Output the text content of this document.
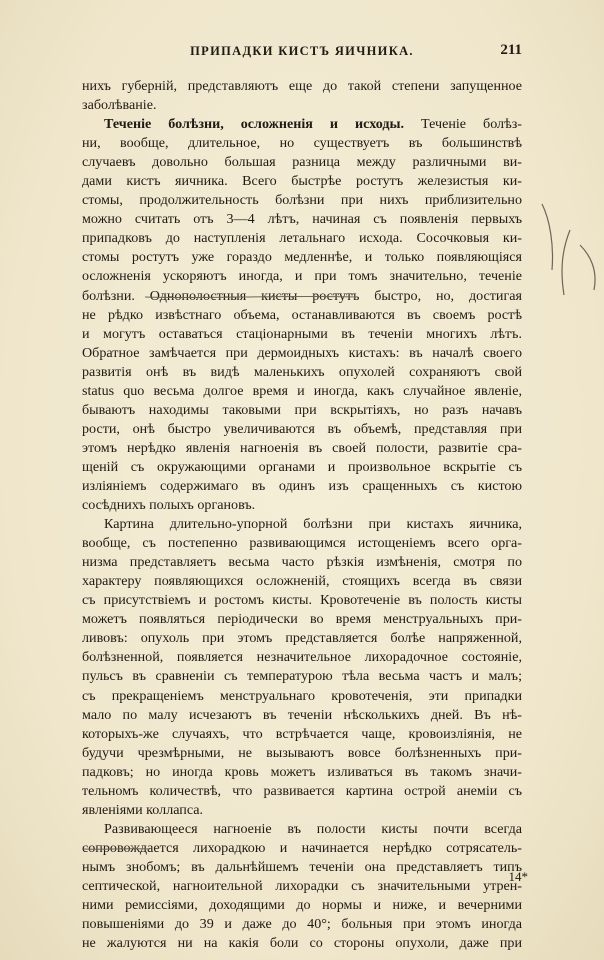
ПРИПАДКИ КИСТЪ ЯИЧНИКА.	211
нихъ губерній, представляютъ еще до такой степени запущенное
заболѣваніе.
Теченіе болѣзни, осложненія и исходы. Теченіе болѣз-
ни, вообще, длительное, но существуетъ въ большинствѣ
случаевъ довольно большая разница между различными ви-
дами кистъ яичника. Всего быстрѣе ростутъ железистыя ки-
стомы, продолжительность болѣзни при нихъ приблизительно
можно считать отъ 3—4 лѣтъ, начиная съ появленія первыхъ
припадковъ до наступленія летальнаго исхода. Сосочковыя ки-
стомы ростутъ уже гораздо медленнѣе, и только появляющіяся
осложненія ускоряютъ иногда, и при томъ значительно, теченіе
болѣзни. Однополостныя кисты ростутъ быстро, но, достигая
не рѣдко извѣстнаго объема, останавливаются въ своемъ ростѣ
и могутъ оставаться стаціонарными въ теченіи многихъ лѣтъ.
Обратное замѣчается при дермоидныхъ кистахъ: въ началѣ своего
развитія онѣ въ видѣ маленькихъ опухолей сохраняютъ свой
status quo весьма долгое время и иногда, какъ случайное явленіе,
бываютъ находимы таковыми при вскрытіяхъ, но разъ начавъ
рости, онѣ быстро увеличиваются въ объемѣ, представляя при
этомъ нерѣдко явленія нагноенія въ своей полости, развитіе сра-
щеній съ окружающими органами и произвольное вскрытіе съ
изліяніемъ содержимаго въ одинъ изъ сращенныхъ съ кистою
сосѣднихъ полыхъ органовъ.
Картина длительно-упорной болѣзни при кистахъ яичника,
вообще, съ постепенно развивающимся истощеніемъ всего орга-
низма представляетъ весьма часто рѣзкія измѣненія, смотря по
характеру появляющихся осложненій, стоящихъ всегда въ связи
съ присутствіемъ и ростомъ кисты. Кровотеченіе въ полость кисты
можетъ появляться періодически во время менструальныхъ при-
ливовъ: опухоль при этомъ представляется болѣе напряженной,
болѣзненной, появляется незначительное лихорадочное состояніе,
пульсъ въ сравненіи съ температурою тѣла весьма частъ и малъ;
съ прекращеніемъ менструальнаго кровотеченія, эти припадки
мало по малу исчезаютъ въ теченіи нѣсколькихъ дней. Въ нѣ-
которыхъ-же случаяхъ, что встрѣчается чаще, кровоизліянія, не
будучи чрезмѣрными, не вызываютъ вовсе болѣзненныхъ при-
падковъ; но иногда кровь можетъ изливаться въ такомъ значи-
тельномъ количествѣ, что развивается картина острой анеміи съ
явленіями коллапса.
Развивающееся нагноеніе въ полости кисты почти всегда
сопровождается лихорадкою и начинается нерѣдко сотрясатель-
нымъ знобомъ; въ дальнѣйшемъ теченіи она представляетъ типъ
септической, нагноительной лихорадки съ значительными утрен-
ними ремиссіями, доходящими до нормы и ниже, и вечерними
повышеніями до 39 и даже до 40°; больныя при этомъ иногда
не жалуются ни на какія боли со стороны опухоли, даже при
14*
